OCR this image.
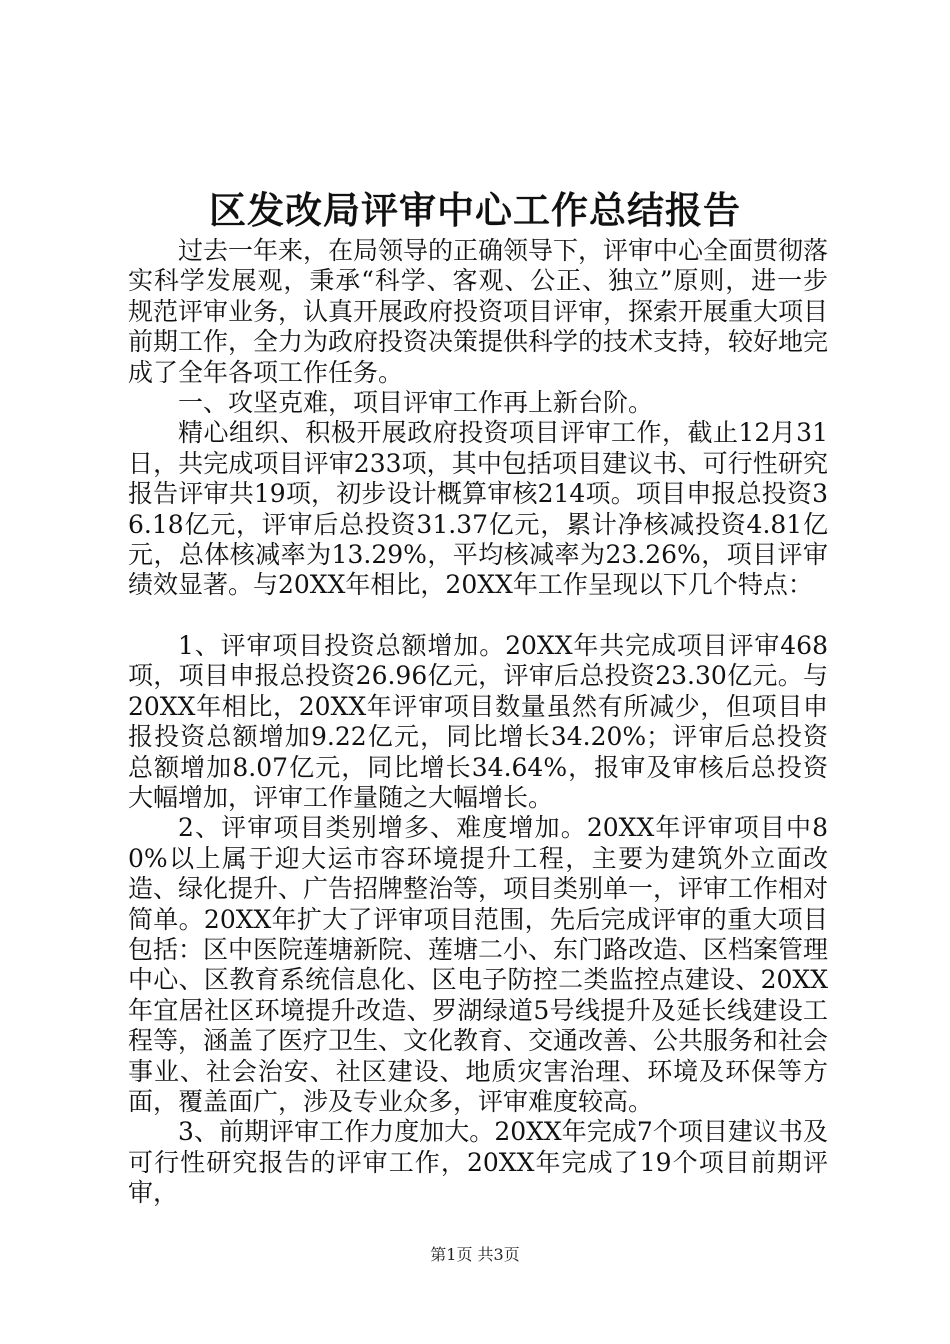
区发改局评审中心工作总结报告

过去一年来，在局领导的正确领导下，评审中心全面贯彻落实科学发展观，秉承“科学、客观、公正、独立”原则，进一步规范评审业务，认真开展政府投资项目评审，探索开展重大项目前期工作，全力为政府投资决策提供科学的技术支持，较好地完成了全年各项工作任务。

一、攻坚克难，项目评审工作再上新台阶。

精心组织、积极开展政府投资项目评审工作，截止12月31日，共完成项目评审233项，其中包括项目建议书、可行性研究报告评审共19项，初步设计概算审核214项。项目申报总投资36.18亿元，评审后总投资31.37亿元，累计净核减投资4.81亿元，总体核减率为13.29%，平均核减率为23.26%，项目评审绩效显著。与20XX年相比，20XX年工作呈现以下几个特点：

1、评审项目投资总额增加。20XX年共完成项目评审468项，项目申报总投资26.96亿元，评审后总投资23.30亿元。与20XX年相比，20XX年评审项目数量虽然有所减少，但项目申报投资总额增加9.22亿元，同比增长34.20%；评审后总投资总额增加8.07亿元，同比增长34.64%，报审及审核后总投资大幅增加，评审工作量随之大幅增长。

2、评审项目类别增多、难度增加。20XX年评审项目中80%以上属于迎大运市容环境提升工程，主要为建筑外立面改造、绿化提升、广告招牌整治等，项目类别单一，评审工作相对简单。20XX年扩大了评审项目范围，先后完成评审的重大项目包括：区中医院莲塘新院、莲塘二小、东门路改造、区档案管理中心、区教育系统信息化、区电子防控二类监控点建设、20XX年宜居社区环境提升改造、罗湖绿道5号线提升及延长线建设工程等，涵盖了医疗卫生、文化教育、交通改善、公共服务和社会事业、社会治安、社区建设、地质灾害治理、环境及环保等方面，覆盖面广，涉及专业众多，评审难度较高。

3、前期评审工作力度加大。20XX年完成7个项目建议书及可行性研究报告的评审工作，20XX年完成了19个项目前期评审，

第1页 共3页
